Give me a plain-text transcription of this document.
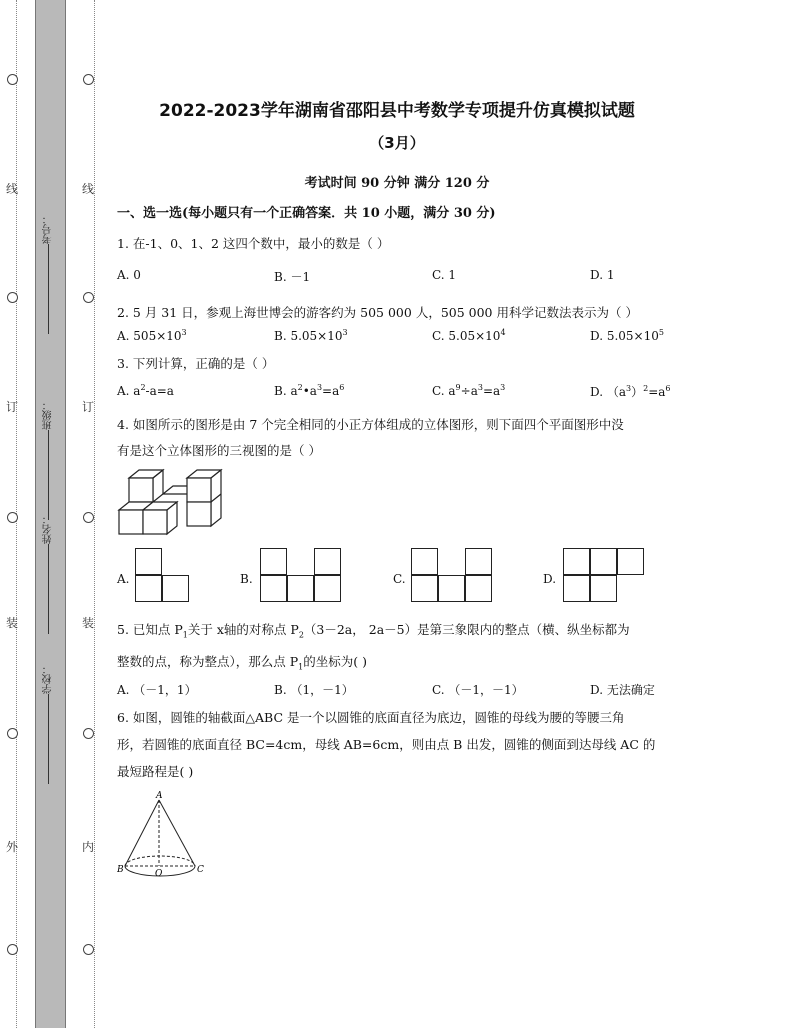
线
订
装
外
线
订
装
内
考号：
班级：
姓名：
学校：
2022-2023学年湖南省邵阳县中考数学专项提升仿真模拟试题
（3月）
考试时间 90 分钟 满分 120 分
一、选一选(每小题只有一个正确答案．共 10 小题，满分 30 分)
1. 在-1、0、1、2 这四个数中，最小的数是（ ）
A. 0	B. －1	C. 1	D. 1
2. 5 月 31 日，参观上海世博会的游客约为 505 000 人，505 000 用科学记数法表示为（ ）
A. $505\times 10^3$	B. $5.05\times 10^3$	C. $5.05\times 10^4$	D. $5.05\times 10^5$
3. 下列计算，正确的是（ ）
A. $a^2-a=a$	B. $a^2•a^3=a^6$	C. $a^9\div a^3=a^3$	D. $(a^3)^2=a^6$
4. 如图所示的图形是由 7 个完全相同的小正方体组成的立体图形，则下面四个平面图形中没
有是这个立体图形的三视图的是（ ）
A.	B.	C.	D.
5. 已知点 $P_1$关于 x轴的对称点 $P_2(3-2a$， 2a－5）是第三象限内的整点（横、纵坐标都为
整数的点，称为整点），那么点 $P_1$的坐标为( )
A. （－1，1）	B. （1，－1）	C. （－1，－1）	D. 无法确定
6. 如图，圆锥的轴截面△ABC 是一个以圆锥的底面直径为底边，圆锥的母线为腰的等腰三角
形，若圆锥的底面直径 BC=4cm，母线 AB=6cm，则由点 B 出发，圆锥的侧面到达母线 AC 的
最短路程是( )
A
B	O	C
